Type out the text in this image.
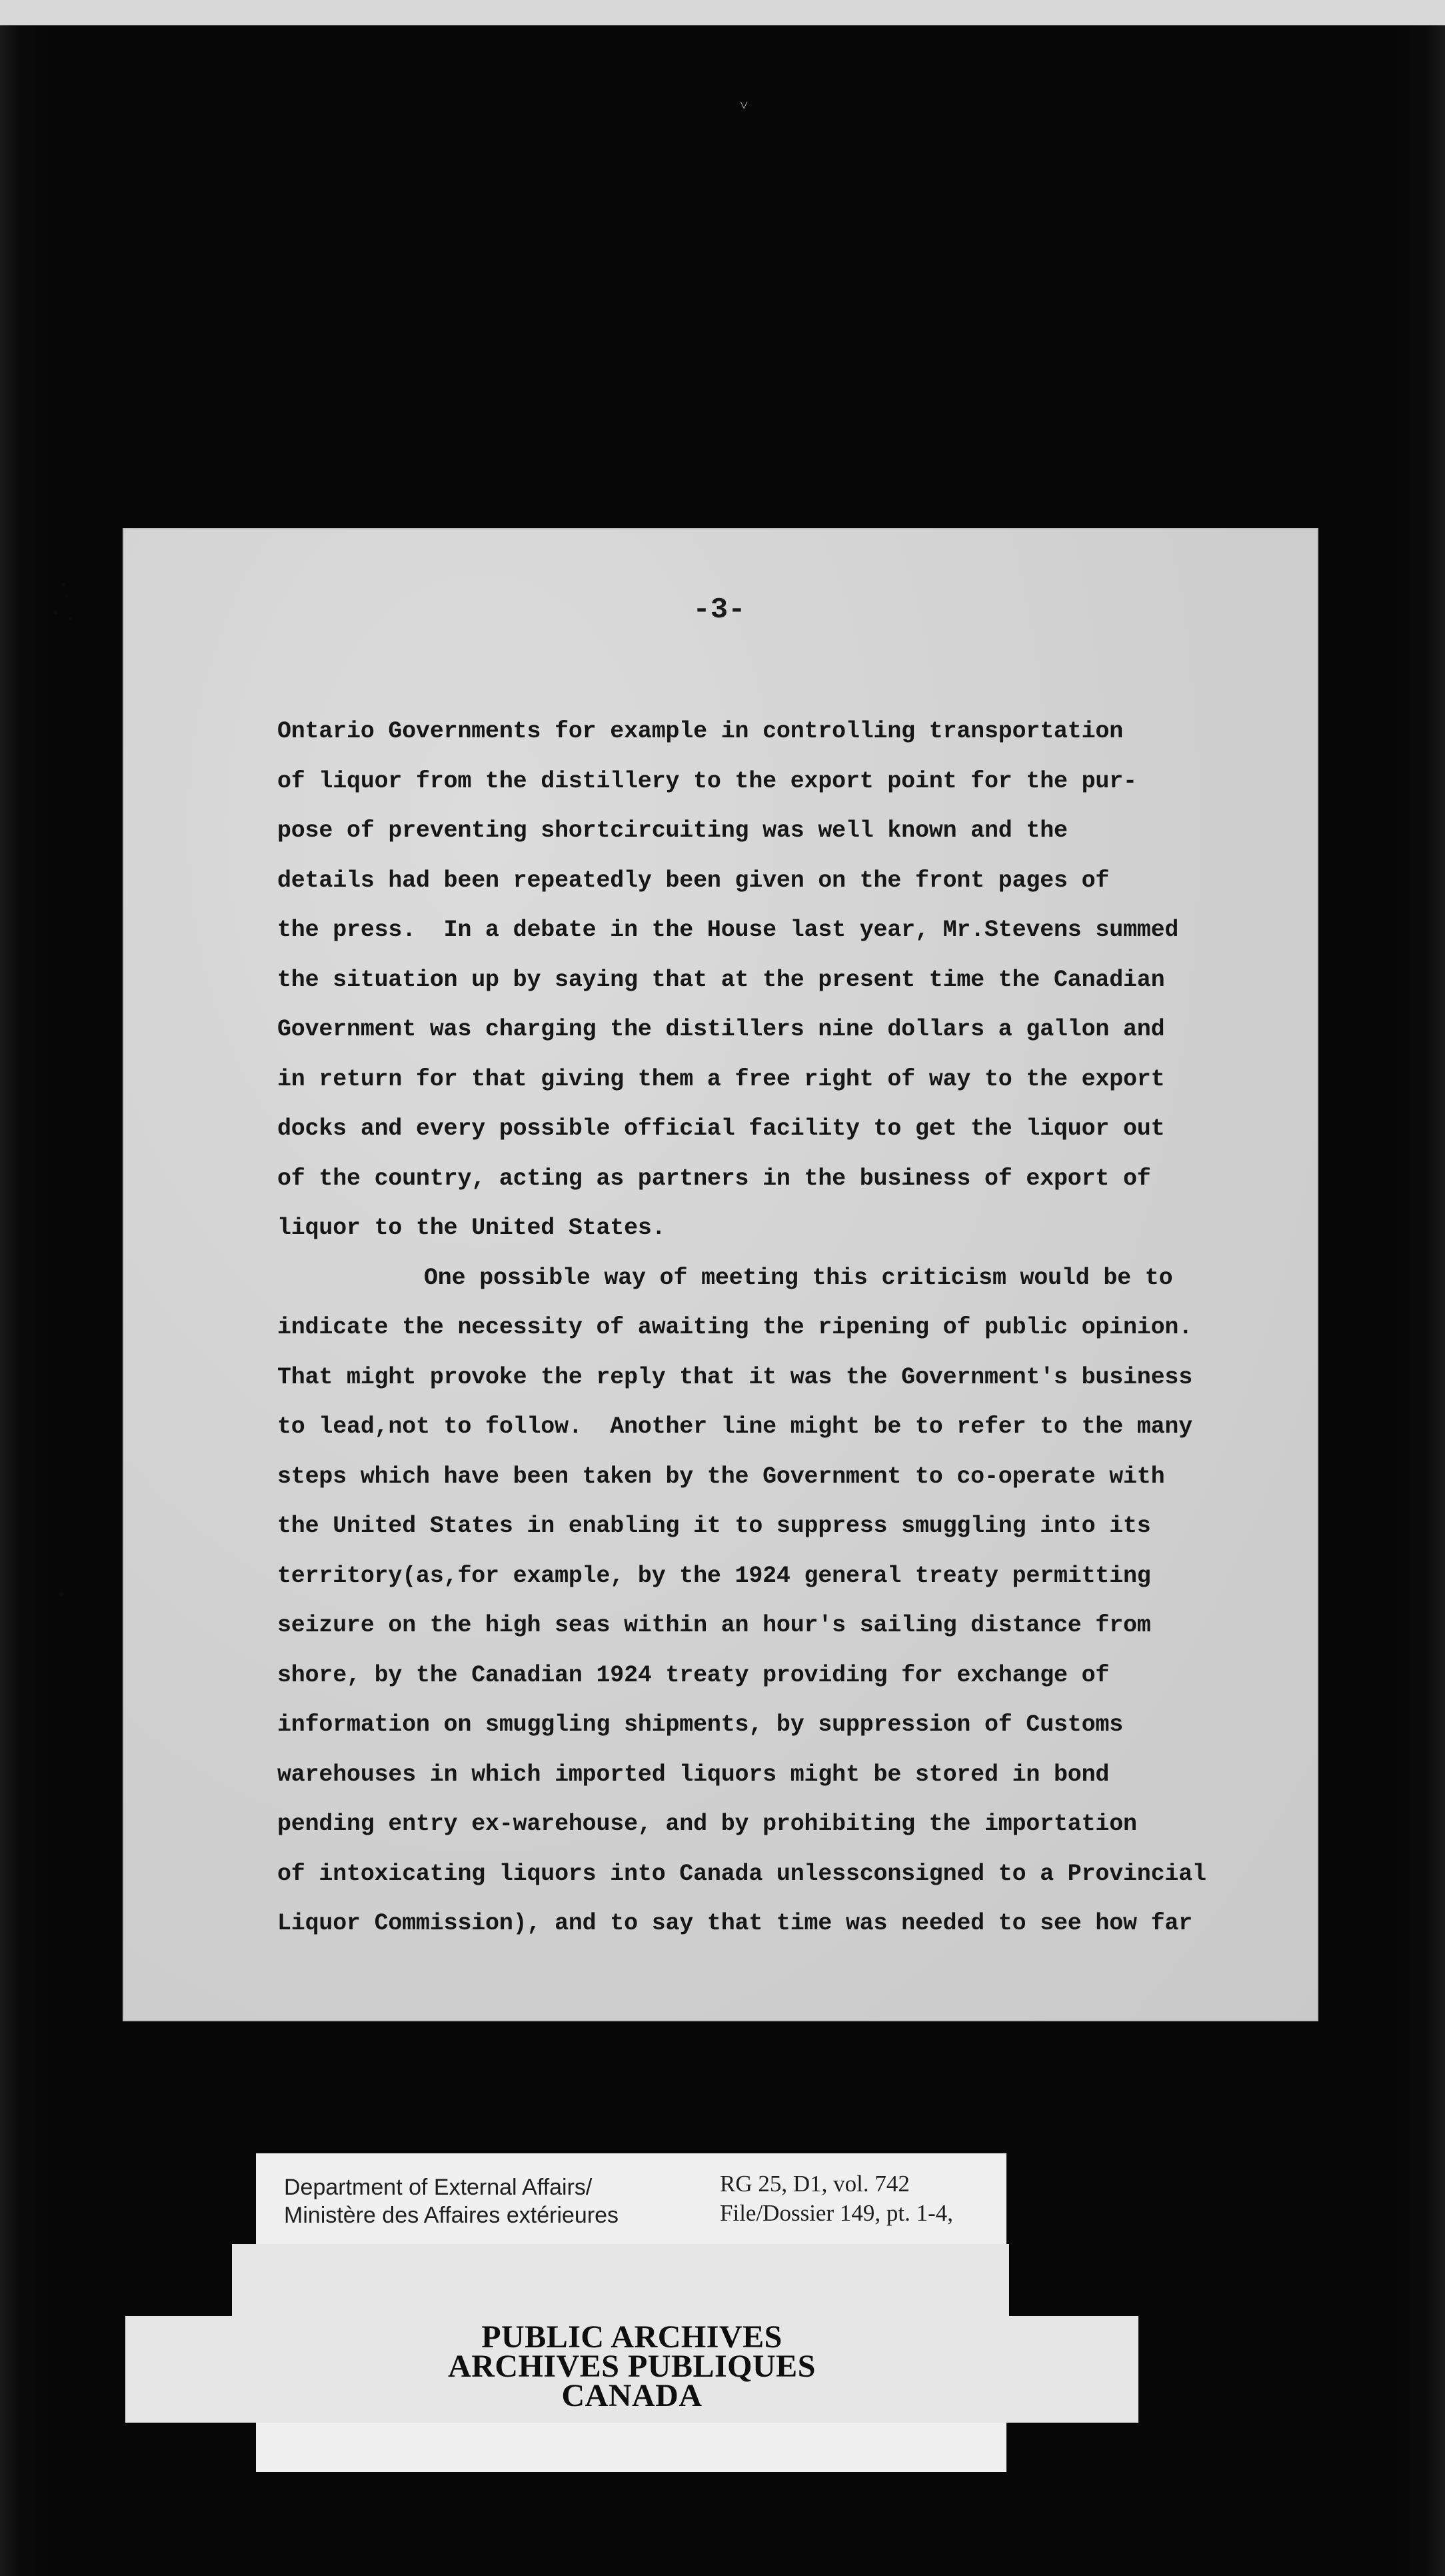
˅
-3-
Ontario Governments for example in controlling transportation
of liquor from the distillery to the export point for the pur-
pose of preventing shortcircuiting was well known and the
details had been repeatedly been given on the front pages of
the press.  In a debate in the House last year, Mr.Stevens summed
the situation up by saying that at the present time the Canadian
Government was charging the distillers nine dollars a gallon and
in return for that giving them a free right of way to the export
docks and every possible official facility to get the liquor out
of the country, acting as partners in the business of export of
liquor to the United States.
One possible way of meeting this criticism would be to
indicate the necessity of awaiting the ripening of public opinion.
That might provoke the reply that it was the Government's business
to lead,not to follow.  Another line might be to refer to the many
steps which have been taken by the Government to co-operate with
the United States in enabling it to suppress smuggling into its
territory(as,for example, by the 1924 general treaty permitting
seizure on the high seas within an hour's sailing distance from
shore, by the Canadian 1924 treaty providing for exchange of
information on smuggling shipments, by suppression of Customs
warehouses in which imported liquors might be stored in bond
pending entry ex-warehouse, and by prohibiting the importation
of intoxicating liquors into Canada unlessconsigned to a Provincial
Liquor Commission), and to say that time was needed to see how far
Department of External Affairs/
Ministère des Affaires extérieures
RG 25, D1, vol. 742
File/Dossier 149, pt. 1-4,
PUBLIC ARCHIVES
ARCHIVES PUBLIQUES
CANADA
